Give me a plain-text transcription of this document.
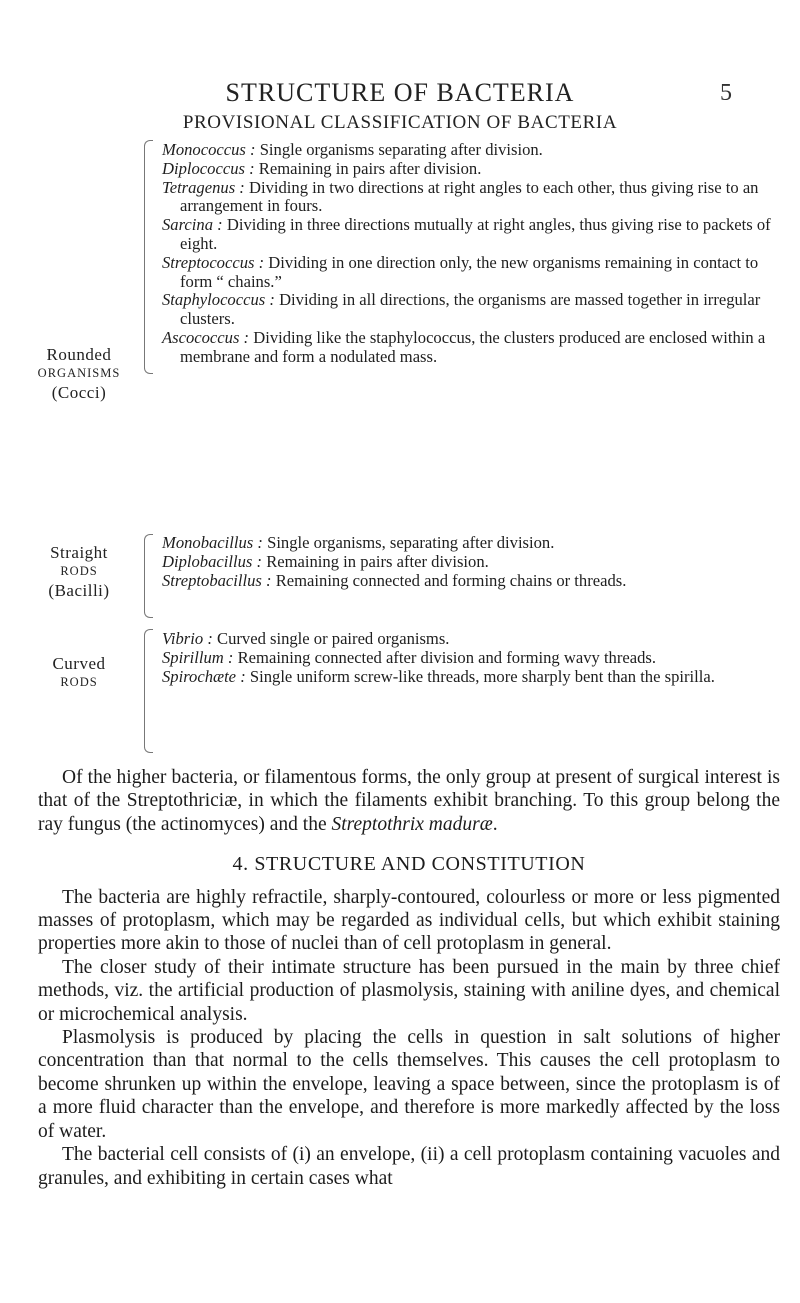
STRUCTURE OF BACTERIA	5
PROVISIONAL CLASSIFICATION OF BACTERIA
Rounded
ORGANISMS
(Cocci)

Monococcus : Single organisms separating after division.

Diplococcus : Remaining in pairs after division.

Tetragenus : Dividing in two directions at right angles to each other, thus giving rise to an arrangement in fours.

Sarcina : Dividing in three directions mutually at right angles, thus giving rise to packets of eight.

Streptococcus : Dividing in one direction only, the new organisms remaining in contact to form “ chains.”

Staphylococcus : Dividing in all directions, the organisms are massed together in irregular clusters.

Ascococcus : Dividing like the staphylococcus, the clusters produced are enclosed within a membrane and form a nodulated mass.

Straight
RODS
(Bacilli)

Monobacillus : Single organisms, separating after division.

Diplobacillus : Remaining in pairs after division.

Streptobacillus : Remaining connected and forming chains or threads.

Curved
RODS

Vibrio : Curved single or paired organisms.

Spirillum : Remaining connected after division and forming wavy threads.

Spirochæte : Single uniform screw-like threads, more sharply bent than the spirilla.

Of the higher bacteria, or filamentous forms, the only group at present of surgical interest is that of the Streptothriciæ, in which the filaments exhibit branching. To this group belong the ray fungus (the actinomyces) and the Streptothrix maduræ.

4. STRUCTURE AND CONSTITUTION

The bacteria are highly refractile, sharply-contoured, colourless or more or less pigmented masses of protoplasm, which may be regarded as individual cells, but which exhibit staining properties more akin to those of nuclei than of cell protoplasm in general.

The closer study of their intimate structure has been pursued in the main by three chief methods, viz. the artificial production of plasmolysis, staining with aniline dyes, and chemical or microchemical analysis.

Plasmolysis is produced by placing the cells in question in salt solutions of higher concentration than that normal to the cells themselves. This causes the cell protoplasm to become shrunken up within the envelope, leaving a space between, since the protoplasm is of a more fluid character than the envelope, and therefore is more markedly affected by the loss of water.

The bacterial cell consists of (i) an envelope, (ii) a cell protoplasm containing vacuoles and granules, and exhibiting in certain cases what
